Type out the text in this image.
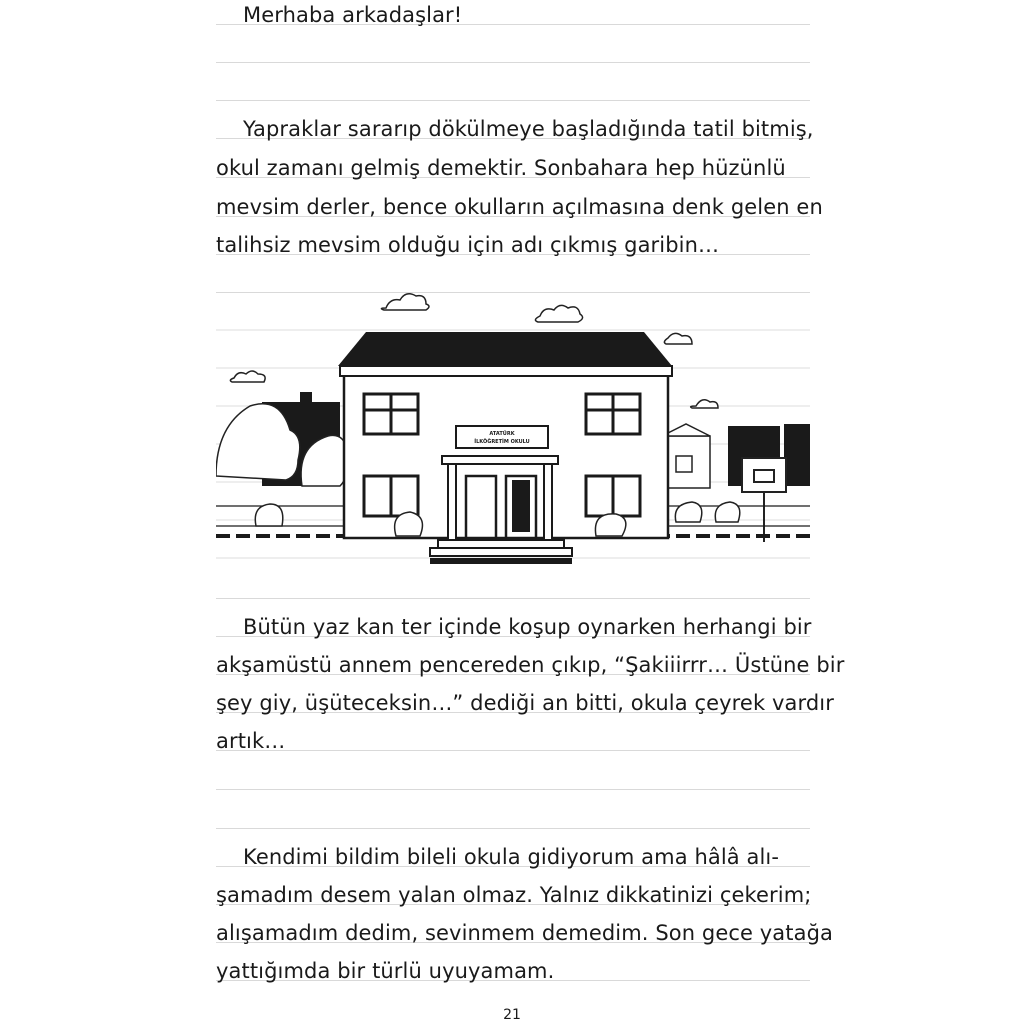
Merhaba arkadaşlar!
Yapraklar sararıp dökülmeye başladığında tatil bitmiş,
okul zamanı gelmiş demektir. Sonbahara hep hüzünlü
mevsim derler, bence okulların açılmasına denk gelen en
talihsiz mevsim olduğu için adı çıkmış garibin…
ATATÜRK
İLKÖĞRETİM OKULU
Bütün yaz kan ter içinde koşup oynarken herhangi bir
akşamüstü annem pencereden çıkıp, “Şakiiirrr… Üstüne bir
şey giy, üşüteceksin…” dediği an bitti, okula çeyrek vardır
artık…
Kendimi bildim bileli okula gidiyorum ama hâlâ alı-
şamadım desem yalan olmaz. Yalnız dikkatinizi çekerim;
alışamadım dedim, sevinmem demedim. Son gece yatağa
yattığımda bir türlü uyuyamam.
21
